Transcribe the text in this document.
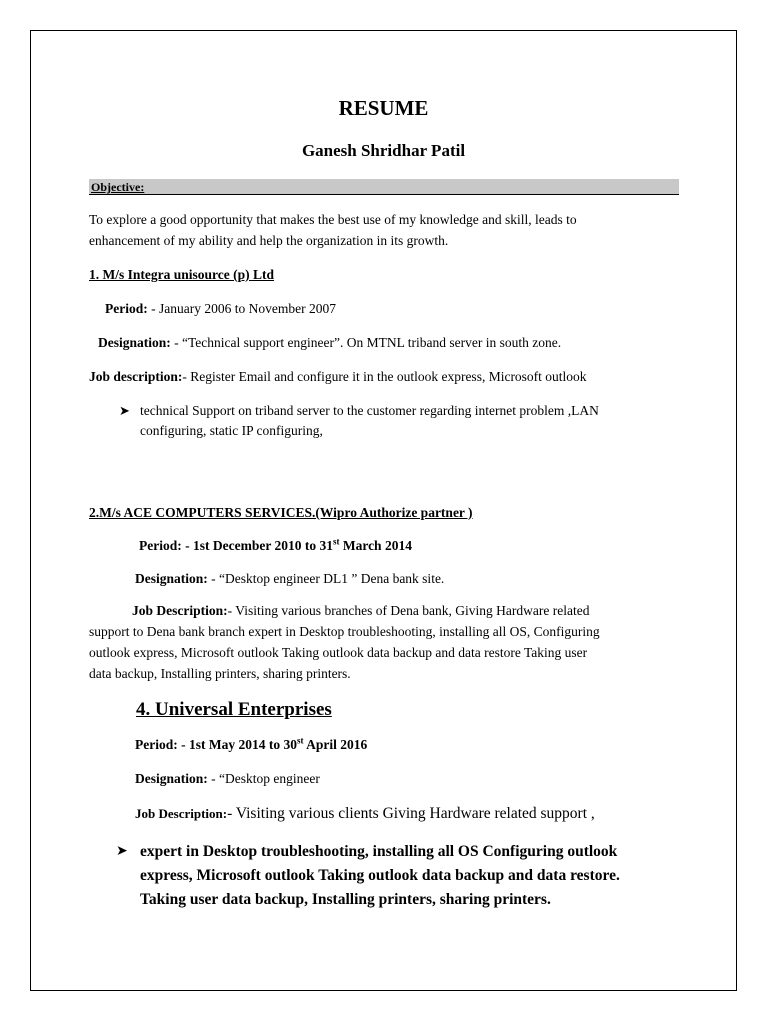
RESUME
Ganesh Shridhar Patil
Objective:
To explore a good opportunity that makes the best use of my knowledge and skill, leads to
enhancement of my ability and help the organization in its growth.
1. M/s Integra unisource (p) Ltd
Period: - January 2006 to November 2007
Designation: - “Technical support engineer”. On MTNL triband server in south zone.
Job description:- Register Email and configure it in the outlook express, Microsoft outlook
➤ technical Support on triband server to the customer regarding internet problem ,LAN
configuring, static IP configuring,
2.M/s ACE COMPUTERS SERVICES.(Wipro Authorize partner )
Period: - 1st December 2010 to 31st March 2014
Designation: - “Desktop engineer DL1 ” Dena bank site.
Job Description:- Visiting various branches of Dena bank, Giving Hardware related
support to Dena bank branch expert in Desktop troubleshooting, installing all OS, Configuring
outlook express, Microsoft outlook Taking outlook data backup and data restore Taking user
data backup, Installing printers, sharing printers.
4. Universal Enterprises
Period: - 1st May 2014 to 30st April 2016
Designation: - “Desktop engineer
Job Description:- Visiting various clients Giving Hardware related support ,
➤ expert in Desktop troubleshooting, installing all OS Configuring outlook
express, Microsoft outlook Taking outlook data backup and data restore.
Taking user data backup, Installing printers, sharing printers.
